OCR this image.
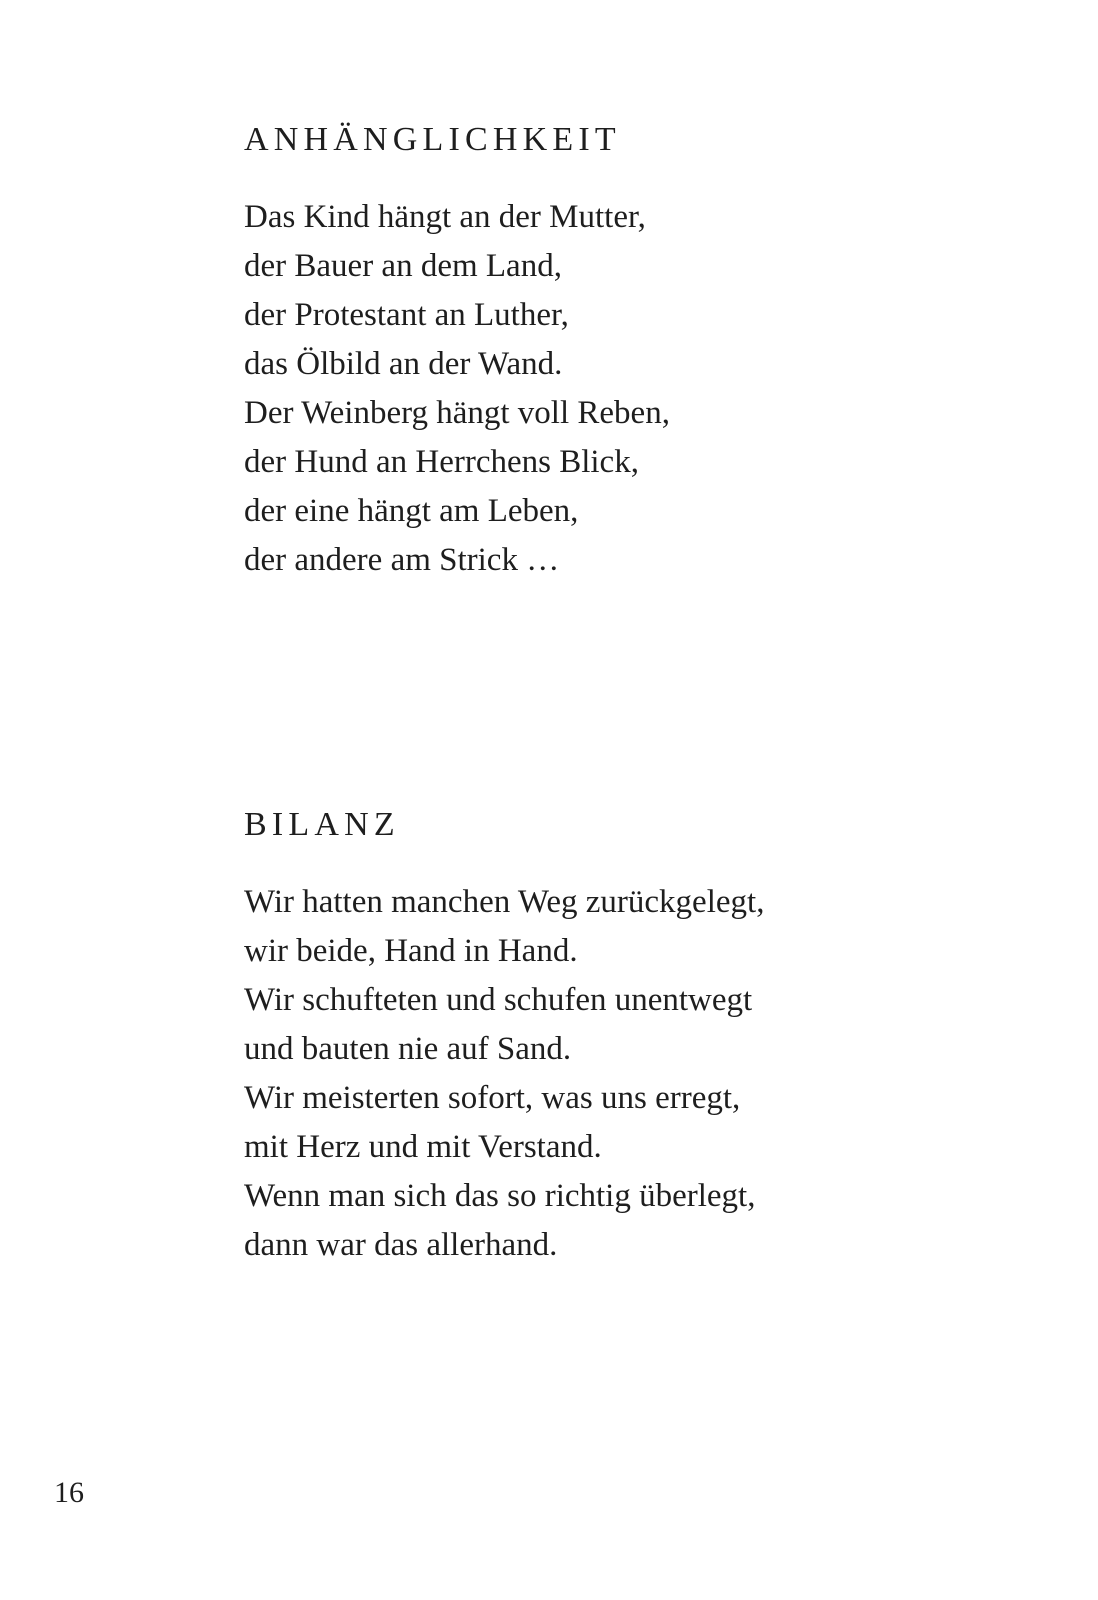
ANHÄNGLICHKEIT
Das Kind hängt an der Mutter,
der Bauer an dem Land,
der Protestant an Luther,
das Ölbild an der Wand.
Der Weinberg hängt voll Reben,
der Hund an Herrchens Blick,
der eine hängt am Leben,
der andere am Strick …
BILANZ
Wir hatten manchen Weg zurückgelegt,
wir beide, Hand in Hand.
Wir schufteten und schufen unentwegt
und bauten nie auf Sand.
Wir meisterten sofort, was uns erregt,
mit Herz und mit Verstand.
Wenn man sich das so richtig überlegt,
dann war das allerhand.
16
